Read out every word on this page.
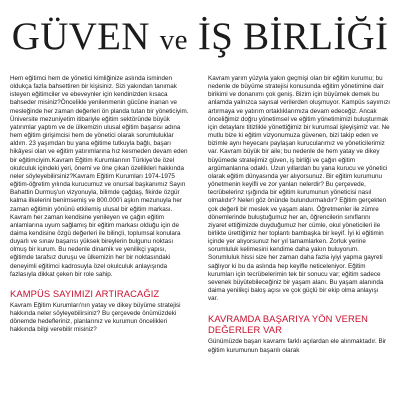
GÜVEN ve İŞ BİRLİĞİ

Hem eğitimci hem de yönetici kimliğinize aslında isminden oldukça fazla bahsettiren bir kişisiniz. Sizi yakından tanımak isteyen eğitimciler ve ebeveynler için kendinizden kısaca bahseder misiniz?Öncelikle yenilenmenin gücüne inanan ve mesleğinde her zaman değerleri ön planda tutan bir yöneticiyim. Üniversite mezuniyetim itibariyle eğitim sektöründe büyük yatırımlar yaptım ve de ülkemizin ulusal eğitim başarısı adına hem eğitim girişimcisi hem de yönetici olarak sorumluluklar aldım. 23 yaşımdan bu yana eğitime tutkuyla bağlı, başarı hikâyesi olan ve eğitim yatırımlarına hız kesmeden devam eden bir eğitimciyim.Kavram Eğitim Kurumlarının Türkiye'de özel okulculuk içindeki yeri, önemi ve öne çıkan özellikleri hakkında neler söyleyebilirsiniz?Kavram Eğitim Kurumları 1974-1975 eğitim-öğretim yılında kurucumuz ve onursal başkanımız Sayın Bahattin Durmuş'un vizyonuyla, bilimde çağdaş, fikirde özgür kalma ilkelerini benimsemiş ve 800.000'i aşkın mezunuyla her zaman eğitimin yönünü etkilemiş ulusal bir eğitim markası. Kavram her zaman kendisine yenileyen ve çağın eğitim anlamlarına uyum sağlamış bir eğitim markası olduğu için de daima kendisine özgü değerleri ile bilinçli, toplumsal konulara duyarlı ve sınav başarısı yüksek bireylerin bulgunu noktası olmuş bir kurum. Bu nedenle dinamik ve yenilikçi yapısı, eğitimde tarafsız duruşu ve ülkemizin her bir noktasındaki deneyimli eğitimci kadrosuyla özel okulculuk anlayışında fazlasıyla dikkat çeken bir role sahip.

KAMPÜS SAYIMIZI ARTIRACAĞIZ

Kavram Eğitim Kurumları'nın yatay ve dikey büyüme stratejisi hakkında neler söyleyebilirsiniz? Bu çerçevede önümüzdeki dönemde hedefleriniz, planlarınız ve kurumun öncelikleri hakkında bilgi verebilir misiniz?

Kavram yarım yüzyıla yakın geçmişi olan bir eğitim kurumu; bu nedenle de büyüme stratejisi konusunda eğitim yönetimine dair birikimi ve donanımı çok geniş. Bizim için büyümek demek bu anlamda yalnızca sayısal verilerden oluşmuyor. Kampüs sayımızı artırmaya ve yatırım ortaklıklarımıza devam edeceğiz. Ancak önceliğimiz doğru yönetimsel ve eğitim yönetimimizi buluşturmak için detaylanı titizlikle yönettiğimiz bir kurumsal işleyişimiz var. Ne mutlu bize ki eğitim vizyonumuza güvenen, bizi takip eden ve bizimle aynı heyecanı paylaşan kurucularımız ve yöneticilerimiz var. Kavram büyük bir aile; bu nedenle de hem yatay ve dikey büyümede stratejimiz güven, iş birliği ve çağın eğitim argümanlarına odaklı. Uzun yıllardan bu yana kurucu ve yönetici olarak eğitim dünyasında yer alıyorsunuz. Bir eğitim kurumunu yönetmenin keyifli ve zor yanları nelerdir? Bu çerçevede, tecrübelerinz ışığında bir eğitim kurumunun yöneticisi nasıl olmalıdır? Neleri göz önünde bulundurmalıdır? Eğitim gerçekten çok değerli bir meslek ve yaşam alanı. Öğretmenler ile zümre dönemlerinde buluştuğumuz her an, öğrencilerin sınıflarını ziyaret ettiğimizde duyduğumuz her cümle, okul yöneticileri ile birlikte ürettiğimiz her toplantı bambaşka bir keyif. İyi ki eğitimin içinde yer alıyorsunuz her yıl tamamlarken. Zorluk yerine sorumluluk kelimesini kendime daha yakın buluyorum. Sorumluluk hissi size her zaman daha fazla iyiyi yapma gayreti sağlıyor ki bu da aslında hep keyifle neticeleniyor. Eğitim kurumları için tecrübelerimin tek bir sonucu var; eğitim sadece sevenek büyütebileceğiniz bir yaşam alanı. Bu yaşam alanında daima yenilikçi bakış açısı ve çok güçlü bir ekip olma anlayışı var.

KAVRAMDA BAŞARIYA YÖN VEREN DEĞERLER VAR

Günümüzde başarı kavramı farklı açılardan ele alınmaktadır. Bir eğitim kurumunun başarılı olarak
